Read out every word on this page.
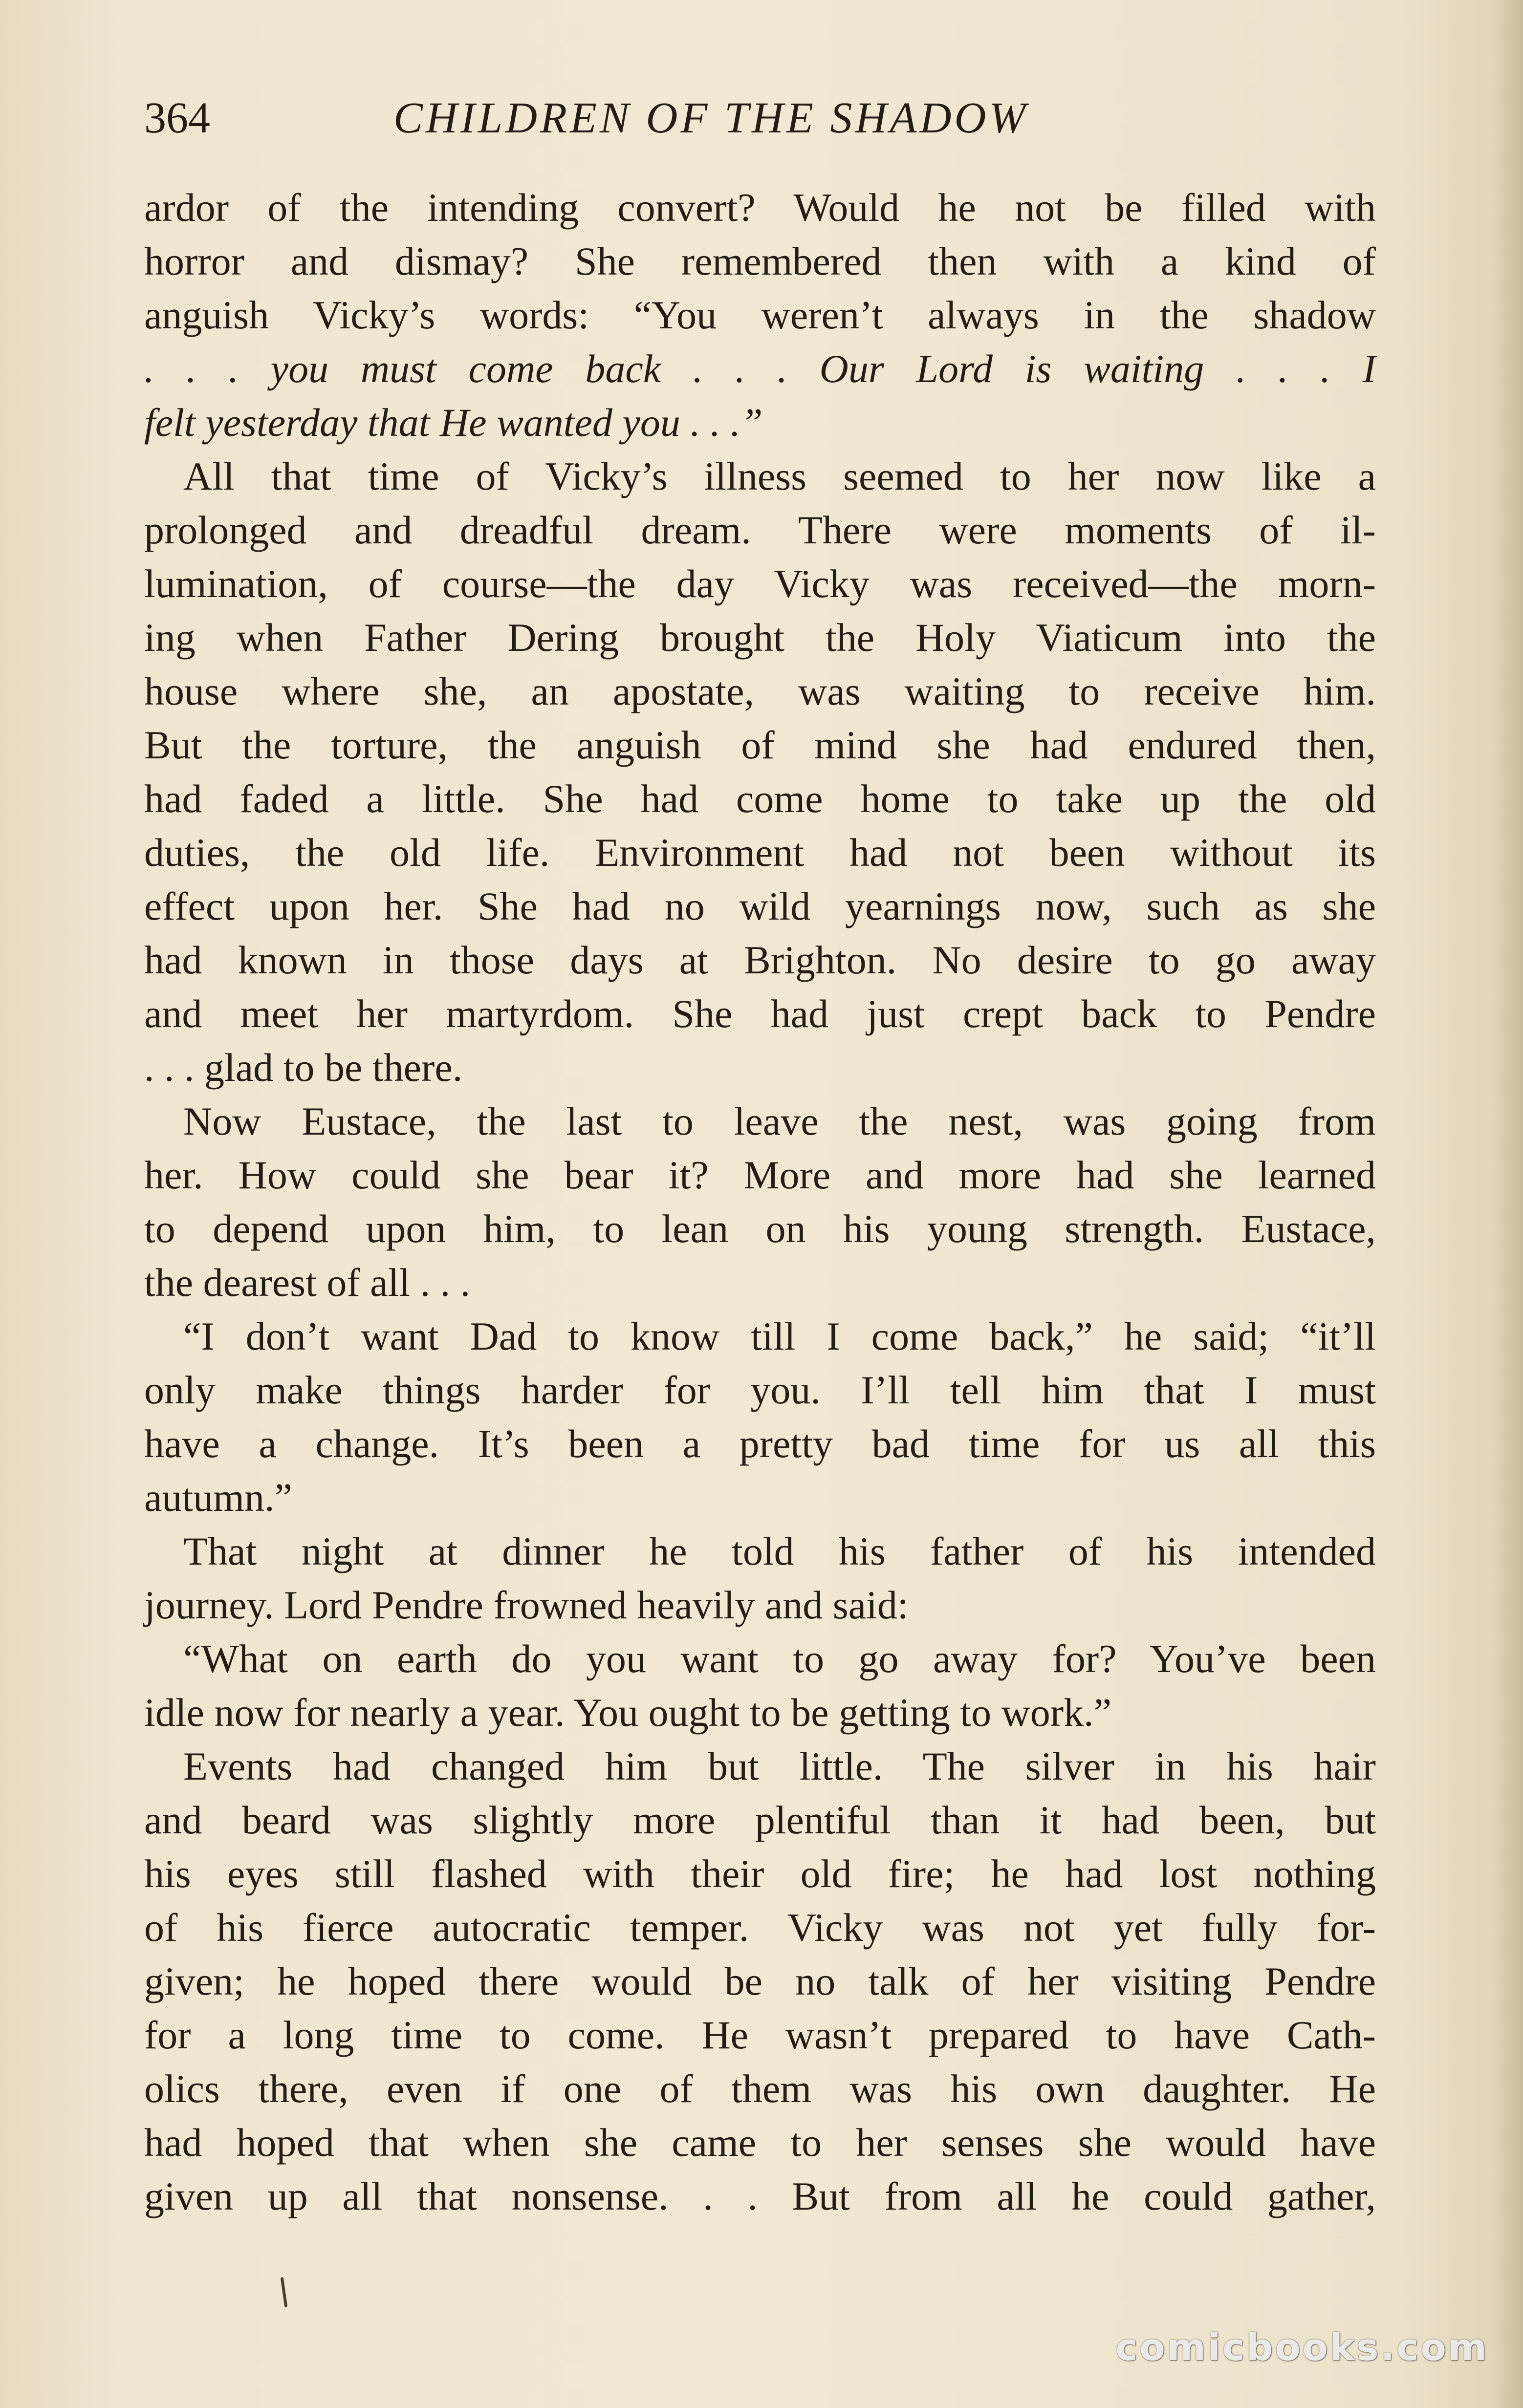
364	CHILDREN OF THE SHADOW
ardor of the intending convert? Would he not be filled with
horror and dismay? She remembered then with a kind of
anguish Vicky’s words: “You weren’t always in the shadow
. . . you must come back . . . Our Lord is waiting . . . I
felt yesterday that He wanted you . . .”
All that time of Vicky’s illness seemed to her now like a
prolonged and dreadful dream. There were moments of il-
lumination, of course—the day Vicky was received—the morn-
ing when Father Dering brought the Holy Viaticum into the
house where she, an apostate, was waiting to receive him.
But the torture, the anguish of mind she had endured then,
had faded a little. She had come home to take up the old
duties, the old life. Environment had not been without its
effect upon her. She had no wild yearnings now, such as she
had known in those days at Brighton. No desire to go away
and meet her martyrdom. She had just crept back to Pendre
. . . glad to be there.
Now Eustace, the last to leave the nest, was going from
her. How could she bear it? More and more had she learned
to depend upon him, to lean on his young strength. Eustace,
the dearest of all . . .
“I don’t want Dad to know till I come back,” he said; “it’ll
only make things harder for you. I’ll tell him that I must
have a change. It’s been a pretty bad time for us all this
autumn.”
That night at dinner he told his father of his intended
journey. Lord Pendre frowned heavily and said:
“What on earth do you want to go away for? You’ve been
idle now for nearly a year. You ought to be getting to work.”
Events had changed him but little. The silver in his hair
and beard was slightly more plentiful than it had been, but
his eyes still flashed with their old fire; he had lost nothing
of his fierce autocratic temper. Vicky was not yet fully for-
given; he hoped there would be no talk of her visiting Pendre
for a long time to come. He wasn’t prepared to have Cath-
olics there, even if one of them was his own daughter. He
had hoped that when she came to her senses she would have
given up all that nonsense. . . But from all he could gather,
comicbooks.com
